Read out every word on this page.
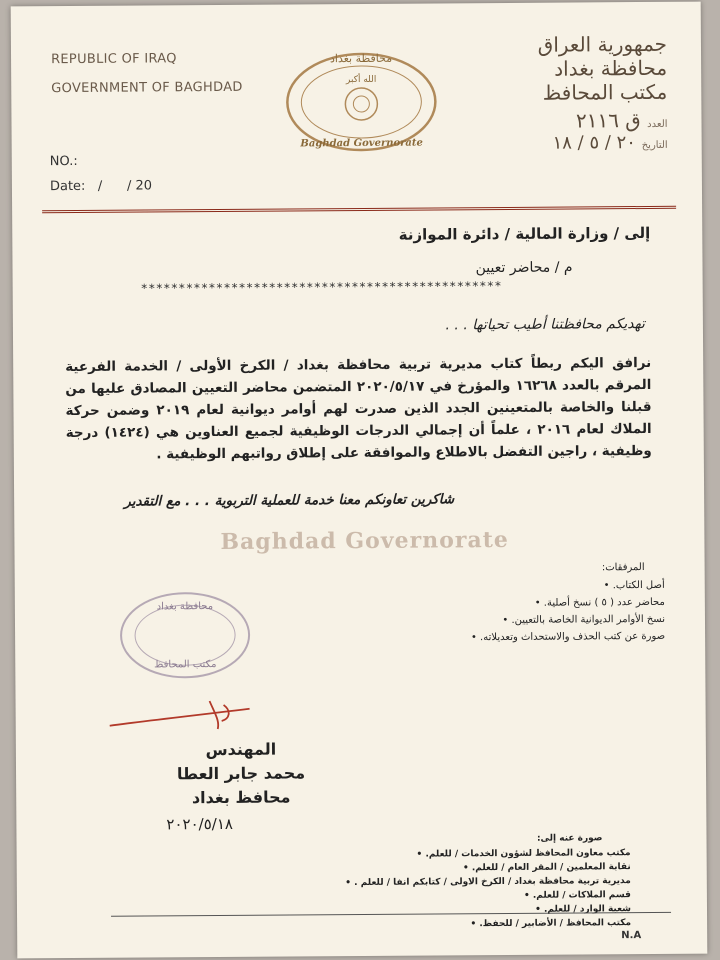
REPUBLIC OF IRAQ
GOVERNMENT OF BAGHDAD
NO.:
Date:   /      / 20
محافظة بغداد
الله أكبر
Baghdad Governorate
جمهورية العراق
محافظة بغداد
مكتب المحافظ
العدد ق ٢١١٦
التاريخ ٢٠ / ٥ / ١٨
إلى / وزارة المالية / دائرة الموازنة
م / محاضر تعيين
************************************************
تهديكم محافظتنا أطيب تحياتها . . .
نرافق اليكم ربطاً كتاب مديرية تربية محافظة بغداد / الكرخ الأولى / الخدمة الفرعية المرقم بالعدد ١٦٢٦٨ والمؤرخ في ٢٠٢٠/٥/١٧ المتضمن محاضر التعيين المصادق عليها من قبلنا والخاصة بالمتعينين الجدد الذين صدرت لهم أوامر ديوانية لعام ٢٠١٩ وضمن حركة الملاك لعام ٢٠١٦ ، علماً أن إجمالي الدرجات الوظيفية لجميع العناوين هي (١٤٢٤) درجة وظيفية ، راجين التفضل بالاطلاع والموافقة على إطلاق رواتبهم الوظيفية .
شاكرين تعاونكم معنا خدمة للعملية التربوية . . . مع التقدير
Baghdad Governorate
المرفقات:
أصل الكتاب. •
محاضر عدد ( ٥ ) نسخ أصلية. •
نسخ الأوامر الديوانية الخاصة بالتعيين. •
صورة عن كتب الحذف والاستحداث وتعديلاته. •
محافظة بغداد
مكتب المحافظ
المهندس
محمد جابر العطا
محافظ بغداد
٢٠٢٠/٥/١٨
صورة عنه إلى:
مكتب معاون المحافظ لشؤون الخدمات / للعلم. •
نقابة المعلمين / المقر العام / للعلم. •
مديرية تربية محافظة بغداد / الكرخ الاولى / كتابكم انفا / للعلم . •
قسم الملاكات / للعلم. •
شعبة الوارد / للعلم. •
مكتب المحافظ / الأضابير / للحفظ. •
N.A
